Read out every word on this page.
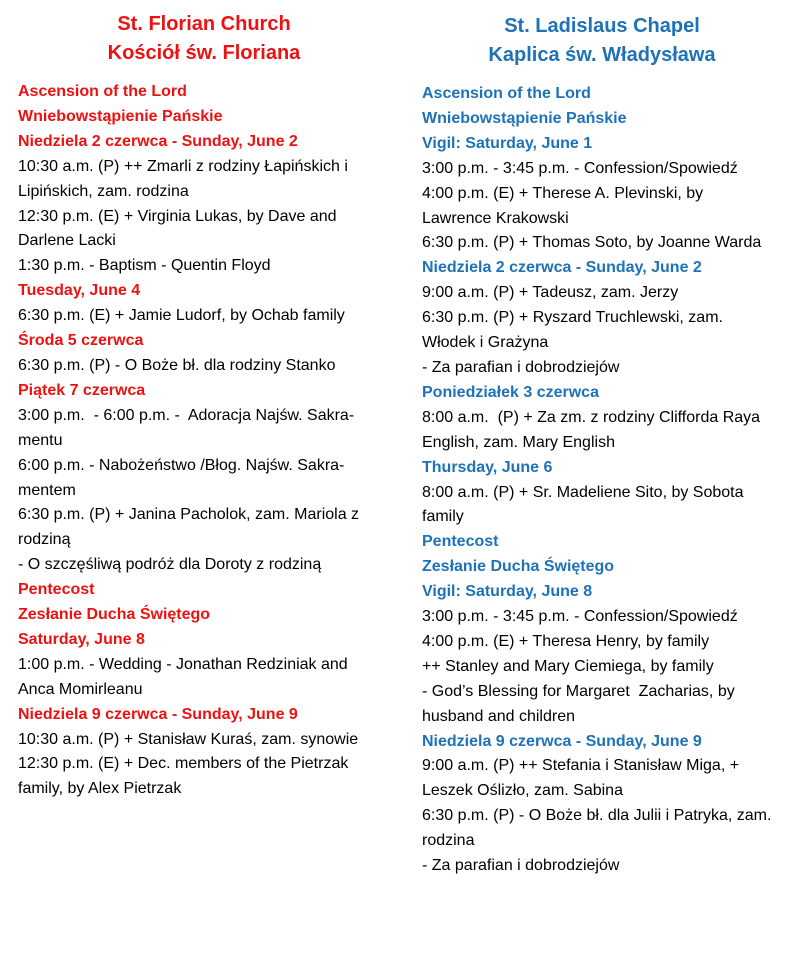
St. Florian Church
Kościół św. Floriana
Ascension of the Lord
Wniebowstąpienie Pańskie
Niedziela 2 czerwca - Sunday, June 2
10:30 a.m. (P) ++ Zmarli z rodziny Łapińskich i
Lipińskich, zam. rodzina
12:30 p.m. (E) + Virginia Lukas, by Dave and
Darlene Lacki
1:30 p.m. - Baptism - Quentin Floyd
Tuesday, June 4
6:30 p.m. (E) + Jamie Ludorf, by Ochab family
Środa 5 czerwca
6:30 p.m. (P) - O Boże bł. dla rodziny Stanko
Piątek 7 czerwca
3:00 p.m.  - 6:00 p.m. -  Adoracja Najśw. Sakra-
mentu
6:00 p.m. - Nabożeństwo /Błog. Najśw. Sakra-
mentem
6:30 p.m. (P) + Janina Pacholok, zam. Mariola z
rodziną
- O szczęśliwą podróż dla Doroty z rodziną
Pentecost
Zesłanie Ducha Świętego
Saturday, June 8
1:00 p.m. - Wedding - Jonathan Redziniak and
Anca Momirleanu
Niedziela 9 czerwca - Sunday, June 9
10:30 a.m. (P) + Stanisław Kuraś, zam. synowie
12:30 p.m. (E) + Dec. members of the Pietrzak
family, by Alex Pietrzak
St. Ladislaus Chapel
Kaplica św. Władysława
Ascension of the Lord
Wniebowstąpienie Pańskie
Vigil: Saturday, June 1
3:00 p.m. - 3:45 p.m. - Confession/Spowiedź
4:00 p.m. (E) + Therese A. Plevinski, by
Lawrence Krakowski
6:30 p.m. (P) + Thomas Soto, by Joanne Warda
Niedziela 2 czerwca - Sunday, June 2
9:00 a.m. (P) + Tadeusz, zam. Jerzy
6:30 p.m. (P) + Ryszard Truchlewski, zam.
Włodek i Grażyna
- Za parafian i dobrodziejów
Poniedziałek 3 czerwca
8:00 a.m.  (P) + Za zm. z rodziny Clifforda Raya
English, zam. Mary English
Thursday, June 6
8:00 a.m. (P) + Sr. Madeliene Sito, by Sobota
family
Pentecost
Zesłanie Ducha Świętego
Vigil: Saturday, June 8
3:00 p.m. - 3:45 p.m. - Confession/Spowiedź
4:00 p.m. (E) + Theresa Henry, by family
++ Stanley and Mary Ciemiega, by family
- God’s Blessing for Margaret  Zacharias, by
husband and children
Niedziela 9 czerwca - Sunday, June 9
9:00 a.m. (P) ++ Stefania i Stanisław Miga, +
Leszek Oślizło, zam. Sabina
6:30 p.m. (P) - O Boże bł. dla Julii i Patryka, zam.
rodzina
- Za parafian i dobrodziejów
